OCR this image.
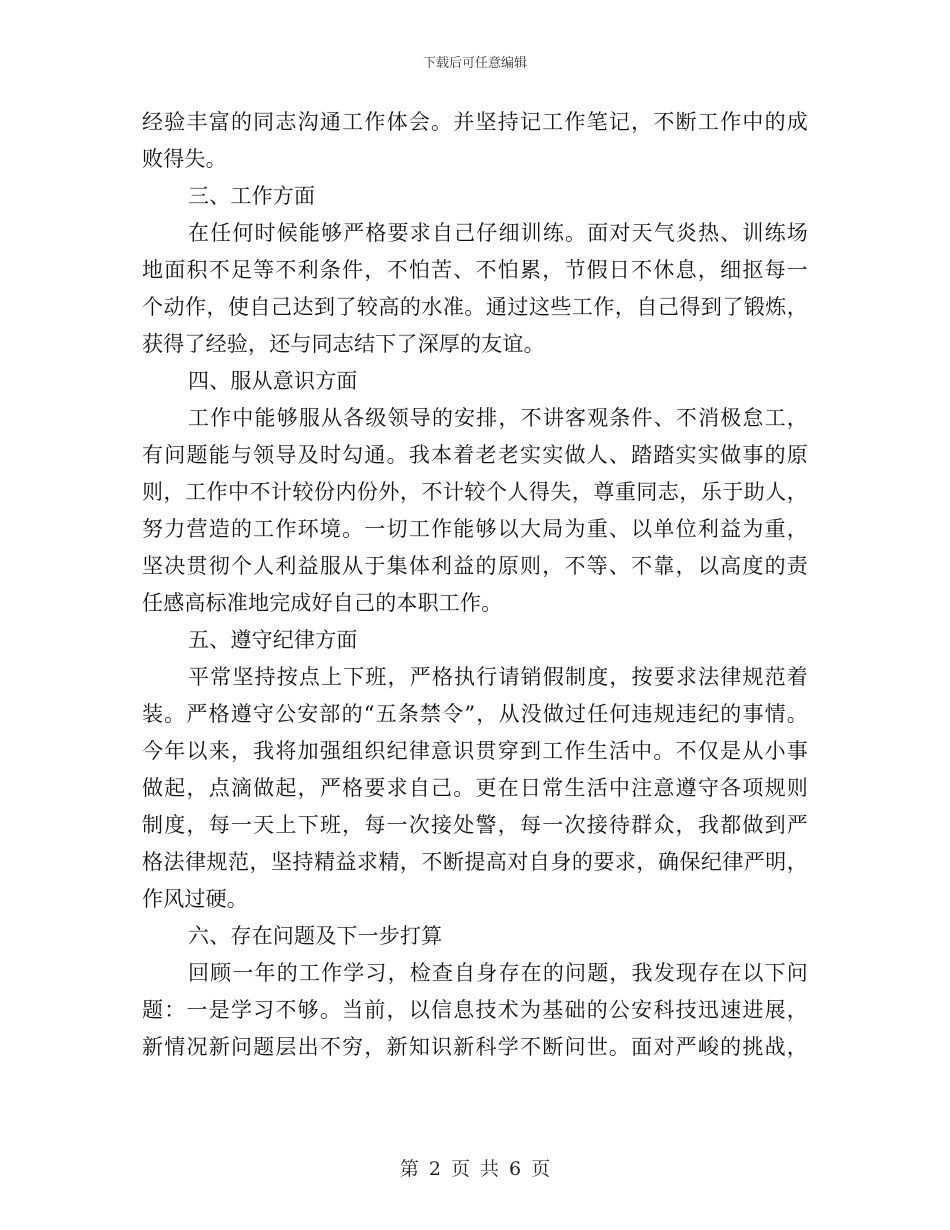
下载后可任意编辑
经验丰富的同志沟通工作体会。并坚持记工作笔记，不断工作中的成
败得失。
三、工作方面
在任何时候能够严格要求自己仔细训练。面对天气炎热、训练场
地面积不足等不利条件，不怕苦、不怕累，节假日不休息，细抠每一
个动作，使自己达到了较高的水准。通过这些工作，自己得到了锻炼，
获得了经验，还与同志结下了深厚的友谊。
四、服从意识方面
工作中能够服从各级领导的安排，不讲客观条件、不消极怠工，
有问题能与领导及时勾通。我本着老老实实做人、踏踏实实做事的原
则，工作中不计较份内份外，不计较个人得失，尊重同志，乐于助人，
努力营造的工作环境。一切工作能够以大局为重、以单位利益为重，
坚决贯彻个人利益服从于集体利益的原则，不等、不靠，以高度的责
任感高标准地完成好自己的本职工作。
五、遵守纪律方面
平常坚持按点上下班，严格执行请销假制度，按要求法律规范着
装。严格遵守公安部的“五条禁令”，从没做过任何违规违纪的事情。
今年以来，我将加强组织纪律意识贯穿到工作生活中。不仅是从小事
做起，点滴做起，严格要求自己。更在日常生活中注意遵守各项规则
制度，每一天上下班，每一次接处警，每一次接待群众，我都做到严
格法律规范，坚持精益求精，不断提高对自身的要求，确保纪律严明，
作风过硬。
六、存在问题及下一步打算
回顾一年的工作学习，检查自身存在的问题，我发现存在以下问
题：一是学习不够。当前，以信息技术为基础的公安科技迅速进展，
新情况新问题层出不穷，新知识新科学不断问世。面对严峻的挑战，
第 2 页 共 6 页
